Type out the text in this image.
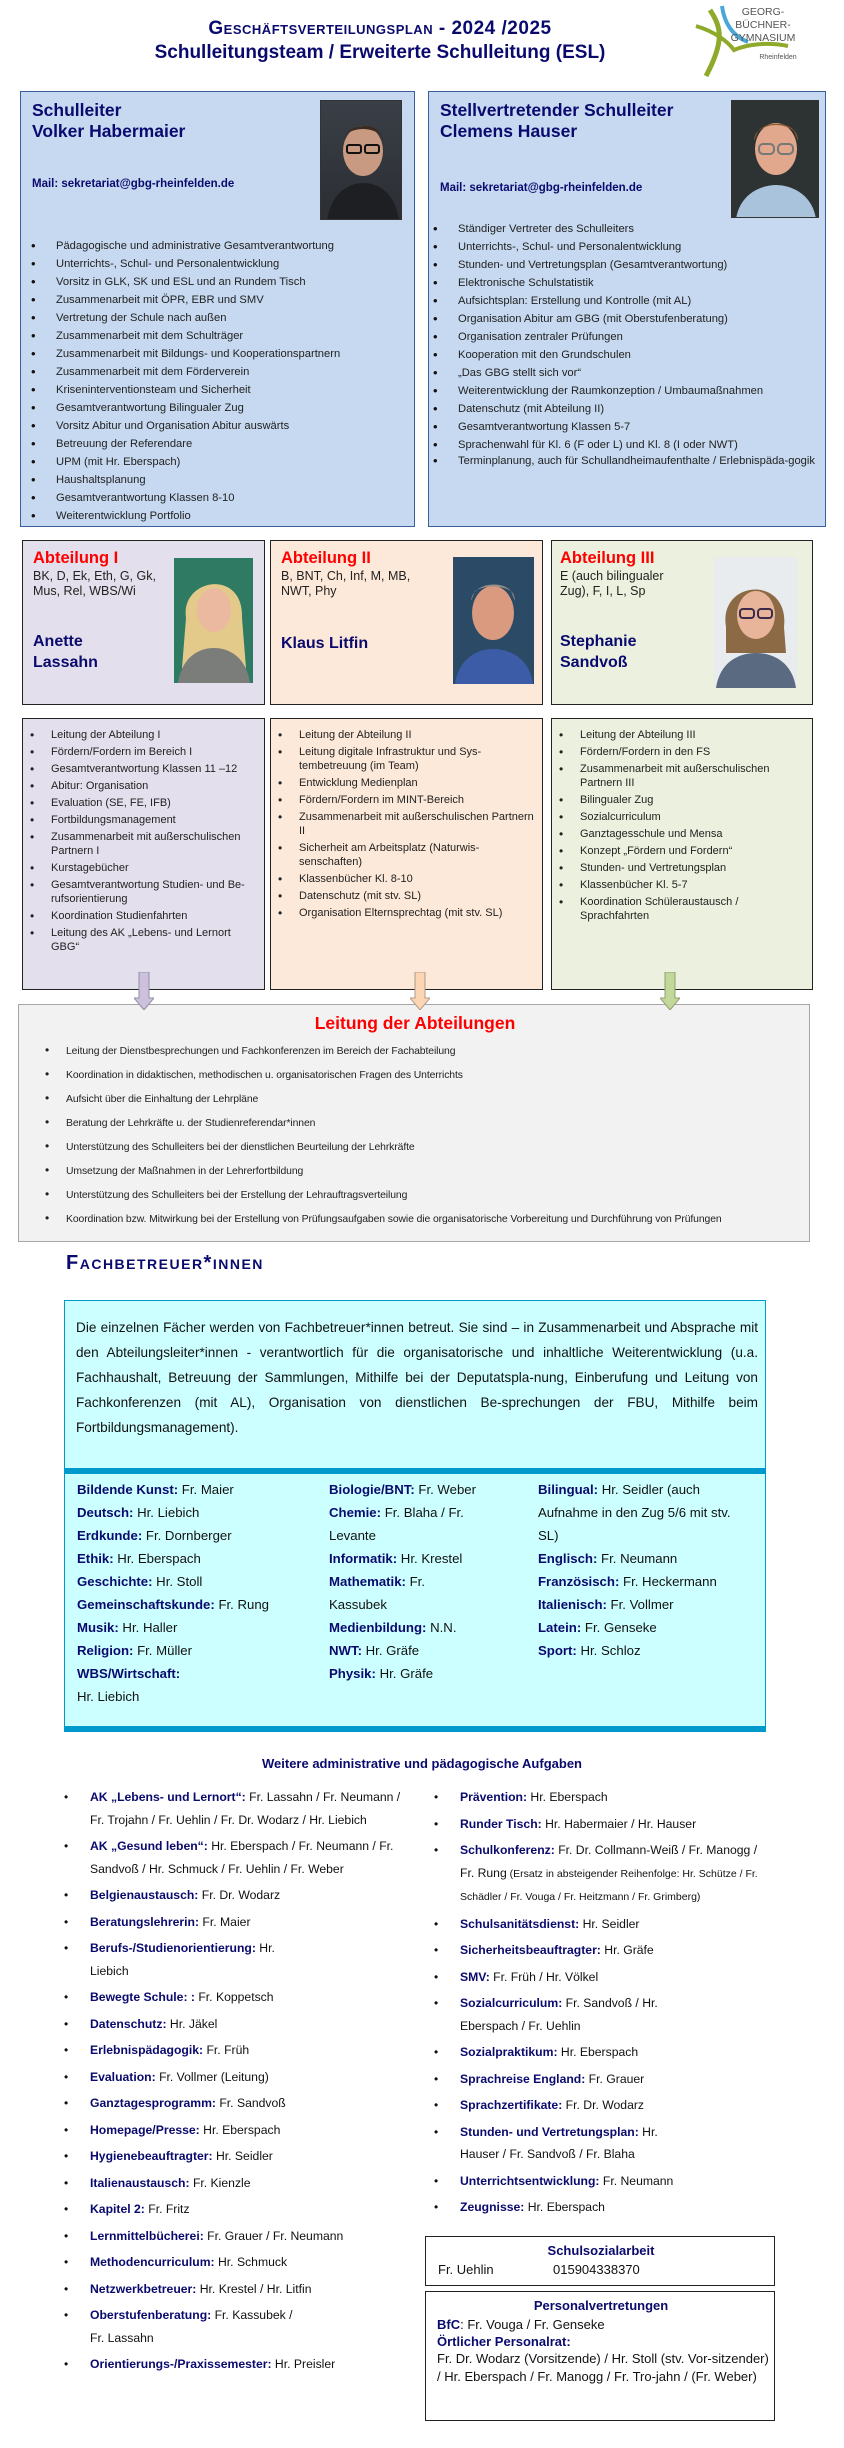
Geschäftsverteilungsplan - 2024 /2025
Schulleitungsteam / Erweiterte Schulleitung (ESL)
GEORG-BÜCHNER-
GYMNASIUM
Rheinfelden
Schulleiter
Volker Habermaier
Mail: sekretariat@gbg-rheinfelden.de
• Pädagogische und administrative Gesamtverantwortung
• Unterrichts-, Schul- und Personalentwicklung
• Vorsitz in GLK, SK und ESL und an Rundem Tisch
• Zusammenarbeit mit ÖPR, EBR und SMV
• Vertretung der Schule nach außen
• Zusammenarbeit mit dem Schulträger
• Zusammenarbeit mit Bildungs- und Kooperationspartnern
• Zusammenarbeit mit dem Förderverein
• Kriseninterventionsteam und Sicherheit
• Gesamtverantwortung Bilingualer Zug
• Vorsitz Abitur und Organisation Abitur auswärts
• Betreuung der Referendare
• UPM (mit Hr. Eberspach)
• Haushaltsplanung
• Gesamtverantwortung Klassen 8-10
• Weiterentwicklung Portfolio
Stellvertretender Schulleiter
Clemens Hauser
Mail: sekretariat@gbg-rheinfelden.de
• Ständiger Vertreter des Schulleiters
• Unterrichts-, Schul- und Personalentwicklung
• Stunden- und Vertretungsplan (Gesamtverantwortung)
• Elektronische Schulstatistik
• Aufsichtsplan: Erstellung und Kontrolle (mit AL)
• Organisation Abitur am GBG (mit Oberstufenberatung)
• Organisation zentraler Prüfungen
• Kooperation mit den Grundschulen
• „Das GBG stellt sich vor“
• Weiterentwicklung der Raumkonzeption / Umbaumaßnahmen
• Datenschutz (mit Abteilung II)
• Gesamtverantwortung Klassen 5-7
• Sprachenwahl für Kl. 6 (F oder L) und Kl. 8 (I oder NWT)
• Terminplanung, auch für Schullandheimaufenthalte / Erlebnispäda-gogik
Abteilung I
BK, D, Ek, Eth, G, Gk, Mus, Rel, WBS/Wi
Anette
Lassahn
Abteilung II
B, BNT, Ch, Inf, M, MB, NWT, Phy
Klaus Litfin
Abteilung III
E (auch bilingualer Zug), F, I, L, Sp
Stephanie
Sandvoß
• Leitung der Abteilung I
• Fördern/Fordern im Bereich I
• Gesamtverantwortung Klassen 11 –12
• Abitur: Organisation
• Evaluation (SE, FE, IFB)
• Fortbildungsmanagement
• Zusammenarbeit mit außerschulischen Partnern I
• Kurstagebücher
• Gesamtverantwortung Studien- und Be-rufsorientierung
• Koordination Studienfahrten
• Leitung des AK „Lebens- und Lernort GBG“
• Leitung der Abteilung II
• Leitung digitale Infrastruktur und Sys-tembetreuung (im Team)
• Entwicklung Medienplan
• Fördern/Fordern im MINT-Bereich
• Zusammenarbeit mit außerschulischen Partnern II
• Sicherheit am Arbeitsplatz (Naturwis-senschaften)
• Klassenbücher Kl. 8-10
• Datenschutz (mit stv. SL)
• Organisation Elternsprechtag (mit stv. SL)
• Leitung der Abteilung III
• Fördern/Fordern in den FS
• Zusammenarbeit mit außerschulischen Partnern III
• Bilingualer Zug
• Sozialcurriculum
• Ganztagesschule und Mensa
• Konzept „Fördern und Fordern“
• Stunden- und Vertretungsplan
• Klassenbücher Kl. 5-7
• Koordination Schüleraustausch / Sprachfahrten
Leitung der Abteilungen
• Leitung der Dienstbesprechungen und Fachkonferenzen im Bereich der Fachabteilung
• Koordination in didaktischen, methodischen u. organisatorischen Fragen des Unterrichts
• Aufsicht über die Einhaltung der Lehrpläne
• Beratung der Lehrkräfte u. der Studienreferendar*innen
• Unterstützung des Schulleiters bei der dienstlichen Beurteilung der Lehrkräfte
• Umsetzung der Maßnahmen in der Lehrerfortbildung
• Unterstützung des Schulleiters bei der Erstellung der Lehrauftragsverteilung
• Koordination bzw. Mitwirkung bei der Erstellung von Prüfungsaufgaben sowie die organisatorische Vorbereitung und Durchführung von Prüfungen
Fachbetreuer*innen

Die einzelnen Fächer werden von Fachbetreuer*innen betreut. Sie sind – in Zusammenarbeit und Absprache mit den Abteilungsleiter*innen - verantwortlich für die organisatorische und inhaltliche Weiterentwicklung (u.a. Fachhaushalt, Betreuung der Sammlungen, Mithilfe bei der Deputatspla-nung, Einberufung und Leitung von Fachkonferenzen (mit AL), Organisation von dienstlichen Be-sprechungen der FBU, Mithilfe beim Fortbildungsmanagement).

Bildende Kunst: Fr. Maier
Deutsch: Hr. Liebich
Erdkunde: Fr. Dornberger
Ethik: Hr. Eberspach
Geschichte: Hr. Stoll
Gemeinschaftskunde: Fr. Rung
Musik: Hr. Haller
Religion: Fr. Müller
WBS/Wirtschaft: Hr. Liebich
Biologie/BNT: Fr. Weber
Chemie: Fr. Blaha / Fr. Levante
Informatik: Hr. Krestel
Mathematik: Fr. Kassubek
Medienbildung: N.N.
NWT: Hr. Gräfe
Physik: Hr. Gräfe
Bilingual: Hr. Seidler (auch Aufnahme in den Zug 5/6 mit stv. SL)
Englisch: Fr. Neumann
Französisch: Fr. Heckermann
Italienisch: Fr. Vollmer
Latein: Fr. Genseke
Sport: Hr. Schloz
Weitere administrative und pädagogische Aufgaben
• AK „Lebens- und Lernort“: Fr. Lassahn / Fr. Neumann / Fr. Trojahn / Fr. Uehlin / Fr. Dr. Wodarz / Hr. Liebich
• AK „Gesund leben“: Hr. Eberspach / Fr. Neumann / Fr. Sandvoß / Hr. Schmuck / Fr. Uehlin / Fr. Weber
• Belgienaustausch: Fr. Dr. Wodarz
• Beratungslehrerin: Fr. Maier
• Berufs-/Studienorientierung: Hr. Liebich
• Bewegte Schule: : Fr. Koppetsch
• Datenschutz: Hr. Jäkel
• Erlebnispädagogik: Fr. Früh
• Evaluation: Fr. Vollmer (Leitung)
• Ganztagesprogramm: Fr. Sandvoß
• Homepage/Presse: Hr. Eberspach
• Hygienebeauftragter: Hr. Seidler
• Italienaustausch: Fr. Kienzle
• Kapitel 2: Fr. Fritz
• Lernmittelbücherei: Fr. Grauer / Fr. Neumann
• Methodencurriculum: Hr. Schmuck
• Netzwerkbetreuer: Hr. Krestel / Hr. Litfin
• Oberstufenberatung: Fr. Kassubek / Fr. Lassahn
• Orientierungs-/Praxissemester: Hr. Preisler
• Prävention: Hr. Eberspach
• Runder Tisch: Hr. Habermaier / Hr. Hauser
• Schulkonferenz: Fr. Dr. Collmann-Weiß / Fr. Manogg / Fr. Rung (Ersatz in absteigender Reihenfolge: Hr. Schütze / Fr. Schädler / Fr. Vouga / Fr. Heitzmann / Fr. Grimberg)
• Schulsanitätsdienst: Hr. Seidler
• Sicherheitsbeauftragter: Hr. Gräfe
• SMV: Fr. Früh / Hr. Völkel
• Sozialcurriculum: Fr. Sandvoß / Hr. Eberspach / Fr. Uehlin
• Sozialpraktikum: Hr. Eberspach
• Sprachreise England: Fr. Grauer
• Sprachzertifikate: Fr. Dr. Wodarz
• Stunden- und Vertretungsplan: Hr. Hauser / Fr. Sandvoß / Fr. Blaha
• Unterrichtsentwicklung: Fr. Neumann
• Zeugnisse: Hr. Eberspach
Schulsozialarbeit
Fr. Uehlin	015904338370
Personalvertretungen
BfC: Fr. Vouga / Fr. Genseke
Örtlicher Personalrat:
Fr. Dr. Wodarz (Vorsitzende) / Hr. Stoll (stv. Vor-sitzender) / Hr. Eberspach / Fr. Manogg / Fr. Tro-jahn / (Fr. Weber)
